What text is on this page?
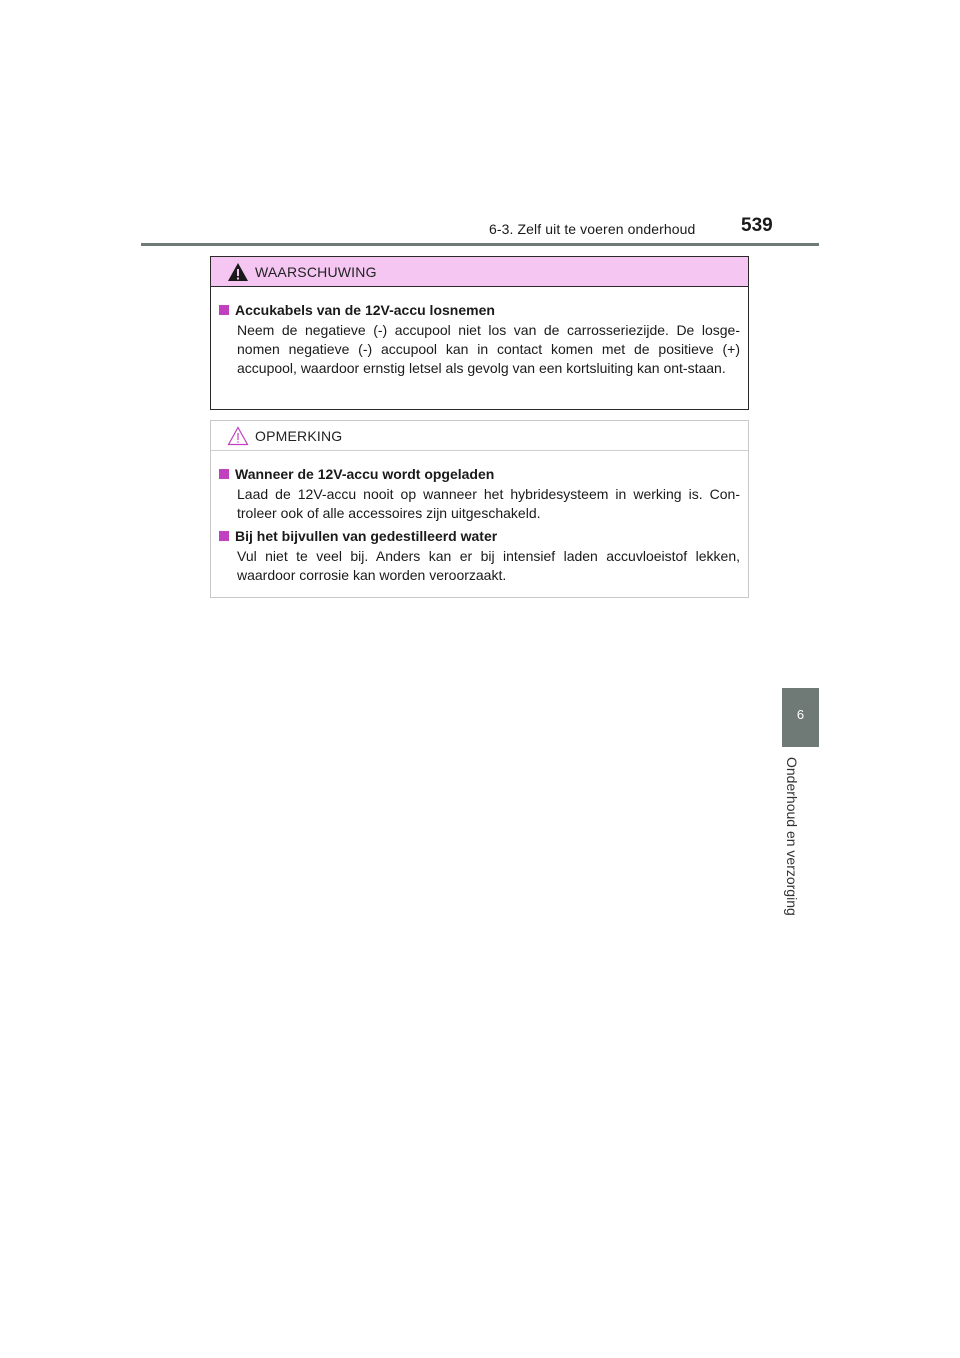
6-3. Zelf uit te voeren onderhoud 539
6
Onderhoud en verzorging
WAARSCHUWING
Accukabels van de 12V-accu losnemen
Neem de negatieve (-) accupool niet los van de carrosseriezijde. De losge-nomen negatieve (-) accupool kan in contact komen met de positieve (+) accupool, waardoor ernstig letsel als gevolg van een kortsluiting kan ont-staan.
OPMERKING
Wanneer de 12V-accu wordt opgeladen
Laad de 12V-accu nooit op wanneer het hybridesysteem in werking is. Con-troleer ook of alle accessoires zijn uitgeschakeld.
Bij het bijvullen van gedestilleerd water
Vul niet te veel bij. Anders kan er bij intensief laden accuvloeistof lekken, waardoor corrosie kan worden veroorzaakt.
